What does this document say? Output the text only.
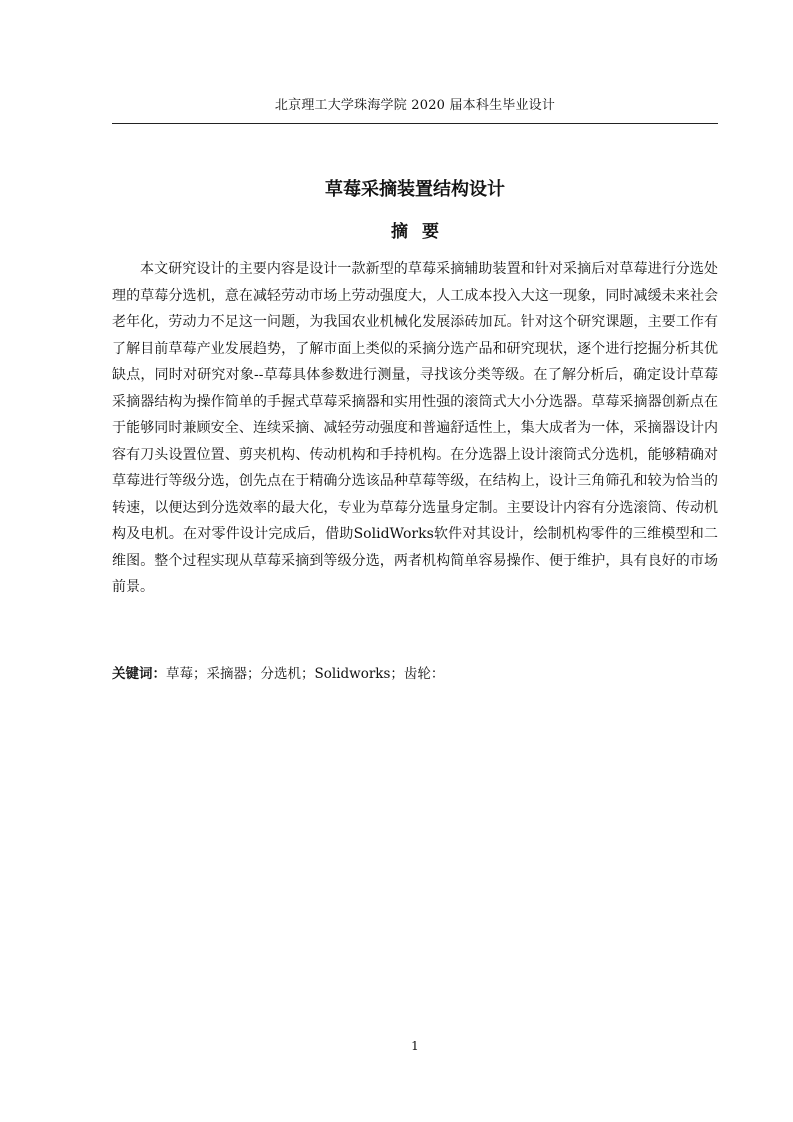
北京理工大学珠海学院 2020 届本科生毕业设计
草莓采摘装置结构设计
摘要

本文研究设计的主要内容是设计一款新型的草莓采摘辅助装置和针对采摘后对草莓进行分选处理的草莓分选机，意在减轻劳动市场上劳动强度大，人工成本投入大这一现象，同时减缓未来社会老年化，劳动力不足这一问题，为我国农业机械化发展添砖加瓦。针对这个研究课题，主要工作有了解目前草莓产业发展趋势，了解市面上类似的采摘分选产品和研究现状，逐个进行挖掘分析其优缺点，同时对研究对象--草莓具体参数进行测量，寻找该分类等级。在了解分析后，确定设计草莓采摘器结构为操作简单的手握式草莓采摘器和实用性强的滚筒式大小分选器。草莓采摘器创新点在于能够同时兼顾安全、连续采摘、减轻劳动强度和普遍舒适性上，集大成者为一体，采摘器设计内容有刀头设置位置、剪夹机构、传动机构和手持机构。在分选器上设计滚筒式分选机，能够精确对草莓进行等级分选，创先点在于精确分选该品种草莓等级，在结构上，设计三角筛孔和较为恰当的转速，以便达到分选效率的最大化，专业为草莓分选量身定制。主要设计内容有分选滚筒、传动机构及电机。在对零件设计完成后，借助SolidWorks软件对其设计，绘制机构零件的三维模型和二维图。整个过程实现从草莓采摘到等级分选，两者机构简单容易操作、便于维护，具有良好的市场前景。

关键词：草莓；采摘器；分选机；Solidworks；齿轮：
1
